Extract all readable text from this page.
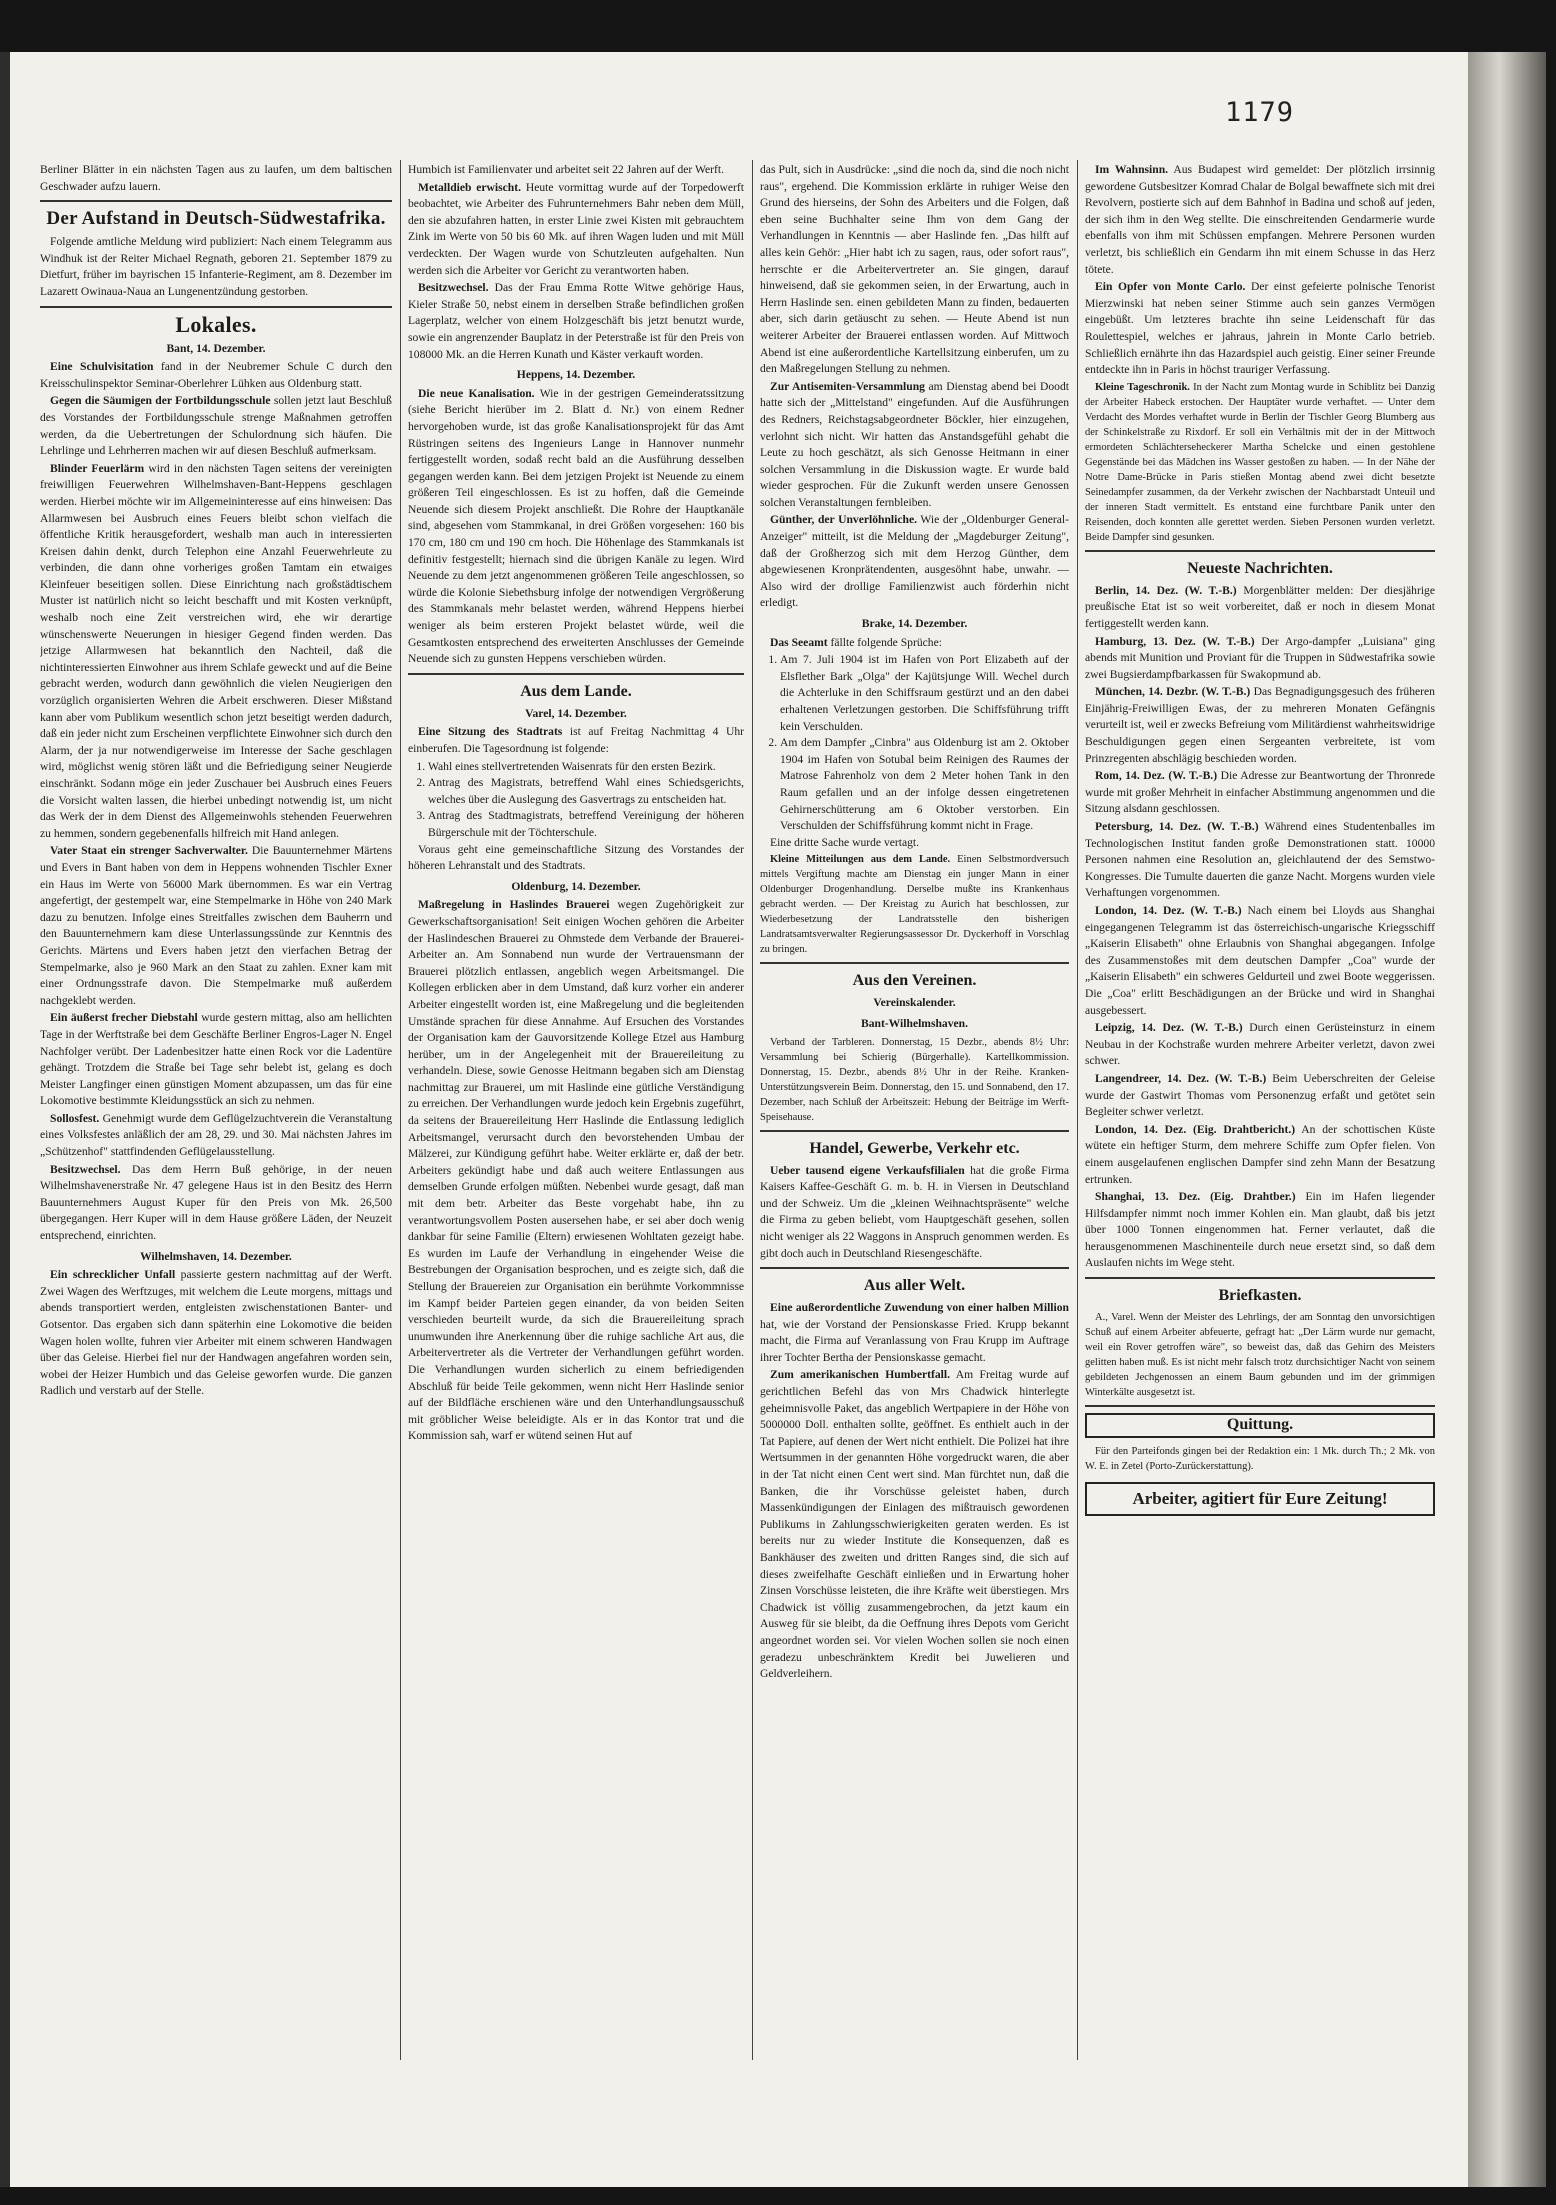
1179

Berliner Blätter in ein nächsten Tagen aus zu laufen, um dem baltischen Geschwader aufzu lauern.

Der Aufstand in Deutsch-Südwestafrika.

Folgende amtliche Meldung wird publiziert: Nach einem Telegramm aus Windhuk ist der Reiter Michael Regnath, geboren 21. September 1879 zu Dietfurt, früher im bayrischen 15 Infanterie-Regiment, am 8. Dezember im Lazarett Owinaua-Naua an Lungenentzündung gestorben.

Lokales.
Bant, 14. Dezember.

Eine Schulvisitation fand in der Neubremer Schule C durch den Kreisschulinspektor Seminar-Oberlehrer Lühken aus Oldenburg statt.

Gegen die Säumigen der Fortbildungsschule sollen jetzt laut Beschluß des Vorstandes der Fortbildungsschule strenge Maßnahmen getroffen werden, da die Uebertretungen der Schulordnung sich häufen. Die Lehrlinge und Lehrherren machen wir auf diesen Beschluß aufmerksam.

Blinder Feuerlärm wird in den nächsten Tagen seitens der vereinigten freiwilligen Feuerwehren Wilhelmshaven-Bant-Heppens geschlagen werden. Hierbei möchte wir im Allgemeininteresse auf eins hinweisen: Das Allarmwesen bei Ausbruch eines Feuers bleibt schon vielfach die öffentliche Kritik herausgefordert, weshalb man auch in interessierten Kreisen dahin denkt, durch Telephon eine Anzahl Feuerwehrleute zu verbinden, die dann ohne vorheriges großen Tamtam ein etwaiges Kleinfeuer beseitigen sollen. Diese Einrichtung nach großstädtischem Muster ist natürlich nicht so leicht beschafft und mit Kosten verknüpft, weshalb noch eine Zeit verstreichen wird, ehe wir derartige wünschenswerte Neuerungen in hiesiger Gegend finden werden. Das jetzige Allarmwesen hat bekanntlich den Nachteil, daß die nichtinteressierten Einwohner aus ihrem Schlafe geweckt und auf die Beine gebracht werden, wodurch dann gewöhnlich die vielen Neugierigen den vorzüglich organisierten Wehren die Arbeit erschweren. Dieser Mißstand kann aber vom Publikum wesentlich schon jetzt beseitigt werden dadurch, daß ein jeder nicht zum Erscheinen verpflichtete Einwohner sich durch den Alarm, der ja nur notwendigerweise im Interesse der Sache geschlagen wird, möglichst wenig stören läßt und die Befriedigung seiner Neugierde einschränkt. Sodann möge ein jeder Zuschauer bei Ausbruch eines Feuers die Vorsicht walten lassen, die hierbei unbedingt notwendig ist, um nicht das Werk der in dem Dienst des Allgemeinwohls stehenden Feuerwehren zu hemmen, sondern gegebenenfalls hilfreich mit Hand anlegen.

Vater Staat ein strenger Sachverwalter. Die Bauunternehmer Märtens und Evers in Bant haben von dem in Heppens wohnenden Tischler Exner ein Haus im Werte von 56000 Mark übernommen. Es war ein Vertrag angefertigt, der gestempelt war, eine Stempelmarke in Höhe von 240 Mark dazu zu benutzen. Infolge eines Streitfalles zwischen dem Bauherrn und den Bauunternehmern kam diese Unterlassungssünde zur Kenntnis des Gerichts. Märtens und Evers haben jetzt den vierfachen Betrag der Stempelmarke, also je 960 Mark an den Staat zu zahlen. Exner kam mit einer Ordnungsstrafe davon. Die Stempelmarke muß außerdem nachgeklebt werden.

Ein äußerst frecher Diebstahl wurde gestern mittag, also am hellichten Tage in der Werftstraße bei dem Geschäfte Berliner Engros-Lager N. Engel Nachfolger verübt. Der Ladenbesitzer hatte einen Rock vor die Ladentüre gehängt. Trotzdem die Straße bei Tage sehr belebt ist, gelang es doch Meister Langfinger einen günstigen Moment abzupassen, um das für eine Lokomotive bestimmte Kleidungsstück an sich zu nehmen.

Sollosfest. Genehmigt wurde dem Geflügelzuchtverein die Veranstaltung eines Volksfestes anläßlich der am 28, 29. und 30. Mai nächsten Jahres im „Schützenhof" stattfindenden Geflügelausstellung.

Besitzwechsel. Das dem Herrn Buß gehörige, in der neuen Wilhelmshavenerstraße Nr. 47 gelegene Haus ist in den Besitz des Herrn Bauunternehmers August Kuper für den Preis von Mk. 26,500 übergegangen. Herr Kuper will in dem Hause größere Läden, der Neuzeit entsprechend, einrichten.

Wilhelmshaven, 14. Dezember.

Ein schrecklicher Unfall passierte gestern nachmittag auf der Werft. Zwei Wagen des Werftzuges, mit welchem die Leute morgens, mittags und abends transportiert werden, entgleisten zwischenstationen Banter- und Gotsentor. Das ergaben sich dann späterhin eine Lokomotive die beiden Wagen holen wollte, fuhren vier Arbeiter mit einem schweren Handwagen über das Geleise. Hierbei fiel nur der Handwagen angefahren worden sein, wobei der Heizer Humbich und das Geleise geworfen wurde. Die ganzen Radlich und verstarb auf der Stelle.

Humbich ist Familienvater und arbeitet seit 22 Jahren auf der Werft.

Metalldieb erwischt. Heute vormittag wurde auf der Torpedowerft beobachtet, wie Arbeiter des Fuhrunternehmers Bahr neben dem Müll, den sie abzufahren hatten, in erster Linie zwei Kisten mit gebrauchtem Zink im Werte von 50 bis 60 Mk. auf ihren Wagen luden und mit Müll verdeckten. Der Wagen wurde von Schutzleuten aufgehalten. Nun werden sich die Arbeiter vor Gericht zu verantworten haben.

Besitzwechsel. Das der Frau Emma Rotte Witwe gehörige Haus, Kieler Straße 50, nebst einem in derselben Straße befindlichen großen Lagerplatz, welcher von einem Holzgeschäft bis jetzt benutzt wurde, sowie ein angrenzender Bauplatz in der Peterstraße ist für den Preis von 108000 Mk. an die Herren Kunath und Käster verkauft worden.

Heppens, 14. Dezember.

Die neue Kanalisation. Wie in der gestrigen Gemeinderatssitzung (siehe Bericht hierüber im 2. Blatt d. Nr.) von einem Redner hervorgehoben wurde, ist das große Kanalisationsprojekt für das Amt Rüstringen seitens des Ingenieurs Lange in Hannover nunmehr fertiggestellt worden, sodaß recht bald an die Ausführung desselben gegangen werden kann. Bei dem jetzigen Projekt ist Neuende zu einem größeren Teil eingeschlossen. Es ist zu hoffen, daß die Gemeinde Neuende sich diesem Projekt anschließt. Die Rohre der Hauptkanäle sind, abgesehen vom Stammkanal, in drei Größen vorgesehen: 160 bis 170 cm, 180 cm und 190 cm hoch. Die Höhenlage des Stammkanals ist definitiv festgestellt; hiernach sind die übrigen Kanäle zu legen. Wird Neuende zu dem jetzt angenommenen größeren Teile angeschlossen, so würde die Kolonie Siebethsburg infolge der notwendigen Vergrößerung des Stammkanals mehr belastet werden, während Heppens hierbei weniger als beim ersteren Projekt belastet würde, weil die Gesamtkosten entsprechend des erweiterten Anschlusses der Gemeinde Neuende sich zu gunsten Heppens verschieben würden.

Aus dem Lande.
Varel, 14. Dezember.

Eine Sitzung des Stadtrats ist auf Freitag Nachmittag 4 Uhr einberufen. Die Tagesordnung ist folgende:

1. Wahl eines stellvertretenden Waisenrats für den ersten Bezirk.
2. Antrag des Magistrats, betreffend Wahl eines Schiedsgerichts, welches über die Auslegung des Gasvertrags zu entscheiden hat.
3. Antrag des Stadtmagistrats, betreffend Vereinigung der höheren Bürgerschule mit der Töchterschule.

Voraus geht eine gemeinschaftliche Sitzung des Vorstandes der höheren Lehranstalt und des Stadtrats.

Oldenburg, 14. Dezember.

Maßregelung in Haslindes Brauerei wegen Zugehörigkeit zur Gewerkschaftsorganisation! Seit einigen Wochen gehören die Arbeiter der Haslindeschen Brauerei zu Ohmstede dem Verbande der Brauerei-Arbeiter an. Am Sonnabend nun wurde der Vertrauensmann der Brauerei plötzlich entlassen, angeblich wegen Arbeitsmangel. Die Kollegen erblicken aber in dem Umstand, daß kurz vorher ein anderer Arbeiter eingestellt worden ist, eine Maßregelung und die begleitenden Umstände sprachen für diese Annahme. Auf Ersuchen des Vorstandes der Organisation kam der Gauvorsitzende Kollege Etzel aus Hamburg herüber, um in der Angelegenheit mit der Brauereileitung zu verhandeln. Diese, sowie Genosse Heitmann begaben sich am Dienstag nachmittag zur Brauerei, um mit Haslinde eine gütliche Verständigung zu erreichen. Der Verhandlungen wurde jedoch kein Ergebnis zugeführt, da seitens der Brauereileitung Herr Haslinde die Entlassung lediglich Arbeitsmangel, verursacht durch den bevorstehenden Umbau der Mälzerei, zur Kündigung geführt habe. Weiter erklärte er, daß der betr. Arbeiters gekündigt habe und daß auch weitere Entlassungen aus demselben Grunde erfolgen müßten. Nebenbei wurde gesagt, daß man mit dem betr. Arbeiter das Beste vorgehabt habe, ihn zu verantwortungsvollem Posten ausersehen habe, er sei aber doch wenig dankbar für seine Familie (Eltern) erwiesenen Wohltaten gezeigt habe. Es wurden im Laufe der Verhandlung in eingehender Weise die Bestrebungen der Organisation besprochen, und es zeigte sich, daß die Stellung der Brauereien zur Organisation ein berühmte Vorkommnisse im Kampf beider Parteien gegen einander, da von beiden Seiten verschieden beurteilt wurde, da sich die Brauereileitung sprach unumwunden ihre Anerkennung über die ruhige sachliche Art aus, die Arbeitervertreter als die Vertreter der Verhandlungen geführt worden. Die Verhandlungen wurden sicherlich zu einem befriedigenden Abschluß für beide Teile gekommen, wenn nicht Herr Haslinde senior auf der Bildfläche erschienen wäre und den Unterhandlungsausschuß mit gröblicher Weise beleidigte. Als er in das Kontor trat und die Kommission sah, warf er wütend seinen Hut auf

das Pult, sich in Ausdrücke: „sind die noch da, sind die noch nicht raus", ergehend. Die Kommission erklärte in ruhiger Weise den Grund des hierseins, der Sohn des Arbeiters und die Folgen, daß eben seine Buchhalter seine Ihm von dem Gang der Verhandlungen in Kenntnis — aber Haslinde fen. „Das hilft auf alles kein Gehör: „Hier habt ich zu sagen, raus, oder sofort raus", herrschte er die Arbeitervertreter an. Sie gingen, darauf hinweisend, daß sie gekommen seien, in der Erwartung, auch in Herrn Haslinde sen. einen gebildeten Mann zu finden, bedauerten aber, sich darin getäuscht zu sehen. — Heute Abend ist nun weiterer Arbeiter der Brauerei entlassen worden. Auf Mittwoch Abend ist eine außerordentliche Kartellsitzung einberufen, um zu den Maßregelungen Stellung zu nehmen.

Zur Antisemiten-Versammlung am Dienstag abend bei Doodt hatte sich der „Mittelstand" eingefunden. Auf die Ausführungen des Redners, Reichstagsabgeordneter Böckler, hier einzugehen, verlohnt sich nicht. Wir hatten das Anstandsgefühl gehabt die Leute zu hoch geschätzt, als sich Genosse Heitmann in einer solchen Versammlung in die Diskussion wagte. Er wurde bald wieder gesprochen. Für die Zukunft werden unsere Genossen solchen Veranstaltungen fernbleiben.

Günther, der Unverlöhnliche. Wie der „Oldenburger General-Anzeiger" mitteilt, ist die Meldung der „Magdeburger Zeitung", daß der Großherzog sich mit dem Herzog Günther, dem abgewiesenen Kronprätendenten, ausgesöhnt habe, unwahr. — Also wird der drollige Familienzwist auch förderhin nicht erledigt.

Brake, 14. Dezember.

Das Seeamt fällte folgende Sprüche:

1. Am 7. Juli 1904 ist im Hafen von Port Elizabeth auf der Elsflether Bark „Olga" der Kajütsjunge Will. Wechel durch die Achterluke in den Schiffsraum gestürzt und an den dabei erhaltenen Verletzungen gestorben. Die Schiffsführung trifft kein Verschulden.
2. Am dem Dampfer „Cinbra" aus Oldenburg ist am 2. Oktober 1904 im Hafen von Sotubal beim Reinigen des Raumes der Matrose Fahrenholz von dem 2 Meter hohen Tank in den Raum gefallen und an der infolge dessen eingetretenen Gehirnerschütterung am 6 Oktober verstorben. Ein Verschulden der Schiffsführung kommt nicht in Frage.

Eine dritte Sache wurde vertagt.

Kleine Mitteilungen aus dem Lande. Einen Selbstmordversuch mittels Vergiftung machte am Dienstag ein junger Mann in einer Oldenburger Drogenhandlung. Derselbe mußte ins Krankenhaus gebracht werden. — Der Kreistag zu Aurich hat beschlossen, zur Wiederbesetzung der Landratsstelle den bisherigen Landratsamtsverwalter Regierungsassessor Dr. Dyckerhoff in Vorschlag zu bringen.

Aus den Vereinen.
Vereinskalender.
Bant-Wilhelmshaven.

Verband der Tarbleren. Donnerstag, 15 Dezbr., abends 8½ Uhr: Versammlung bei Schierig (Bürgerhalle). Kartellkommission. Donnerstag, 15. Dezbr., abends 8½ Uhr in der Reihe. Kranken-Unterstützungsverein Beim. Donnerstag, den 15. und Sonnabend, den 17. Dezember, nach Schluß der Arbeitszeit: Hebung der Beiträge im Werft-Speisehause.

Handel, Gewerbe, Verkehr etc.

Ueber tausend eigene Verkaufsfilialen hat die große Firma Kaisers Kaffee-Geschäft G. m. b. H. in Viersen in Deutschland und der Schweiz. Um die „kleinen Weihnachtspräsente" welche die Firma zu geben beliebt, vom Hauptgeschäft gesehen, sollen nicht weniger als 22 Waggons in Anspruch genommen werden. Es gibt doch auch in Deutschland Riesengeschäfte.

Aus aller Welt.

Eine außerordentliche Zuwendung von einer halben Million hat, wie der Vorstand der Pensionskasse Fried. Krupp bekannt macht, die Firma auf Veranlassung von Frau Krupp im Auftrage ihrer Tochter Bertha der Pensionskasse gemacht.

Zum amerikanischen Humbertfall. Am Freitag wurde auf gerichtlichen Befehl das von Mrs Chadwick hinterlegte geheimnisvolle Paket, das angeblich Wertpapiere in der Höhe von 5000000 Doll. enthalten sollte, geöffnet. Es enthielt auch in der Tat Papiere, auf denen der Wert nicht enthielt. Die Polizei hat ihre Wertsummen in der genannten Höhe vorgedruckt waren, die aber in der Tat nicht einen Cent wert sind. Man fürchtet nun, daß die Banken, die ihr Vorschüsse geleistet haben, durch Massenkündigungen der Einlagen des mißtrauisch gewordenen Publikums in Zahlungsschwierigkeiten geraten werden. Es ist bereits nur zu wieder Institute die Konsequenzen, daß es Bankhäuser des zweiten und dritten Ranges sind, die sich auf dieses zweifelhafte Geschäft einließen und in Erwartung hoher Zinsen Vorschüsse leisteten, die ihre Kräfte weit überstiegen. Mrs Chadwick ist völlig zusammengebrochen, da jetzt kaum ein Ausweg für sie bleibt, da die Oeffnung ihres Depots vom Gericht angeordnet worden sei. Vor vielen Wochen sollen sie noch einen geradezu unbeschränktem Kredit bei Juwelieren und Geldverleihern.

Im Wahnsinn. Aus Budapest wird gemeldet: Der plötzlich irrsinnig gewordene Gutsbesitzer Komrad Chalar de Bolgal bewaffnete sich mit drei Revolvern, postierte sich auf dem Bahnhof in Badina und schoß auf jeden, der sich ihm in den Weg stellte. Die einschreitenden Gendarmerie wurde ebenfalls von ihm mit Schüssen empfangen. Mehrere Personen wurden verletzt, bis schließlich ein Gendarm ihn mit einem Schusse in das Herz tötete.

Ein Opfer von Monte Carlo. Der einst gefeierte polnische Tenorist Mierzwinski hat neben seiner Stimme auch sein ganzes Vermögen eingebüßt. Um letzteres brachte ihn seine Leidenschaft für das Roulettespiel, welches er jahraus, jahrein in Monte Carlo betrieb. Schließlich ernährte ihn das Hazardspiel auch geistig. Einer seiner Freunde entdeckte ihn in Paris in höchst trauriger Verfassung.

Kleine Tageschronik. In der Nacht zum Montag wurde in Schiblitz bei Danzig der Arbeiter Habeck erstochen. Der Hauptäter wurde verhaftet. — Unter dem Verdacht des Mordes verhaftet wurde in Berlin der Tischler Georg Blumberg aus der Schinkelstraße zu Rixdorf. Er soll ein Verhältnis mit der in der Mittwoch ermordeten Schlächterseheckerer Martha Schelcke und einen gestohlene Gegenstände bei das Mädchen ins Wasser gestoßen zu haben. — In der Nähe der Notre Dame-Brücke in Paris stießen Montag abend zwei dicht besetzte Seinedampfer zusammen, da der Verkehr zwischen der Nachbarstadt Unteuil und der inneren Stadt vermittelt. Es entstand eine furchtbare Panik unter den Reisenden, doch konnten alle gerettet werden. Sieben Personen wurden verletzt. Beide Dampfer sind gesunken.

Neueste Nachrichten.

Berlin, 14. Dez. (W. T.-B.) Morgenblätter melden: Der diesjährige preußische Etat ist so weit vorbereitet, daß er noch in diesem Monat fertiggestellt werden kann.

Hamburg, 13. Dez. (W. T.-B.) Der Argo-dampfer „Luisiana" ging abends mit Munition und Proviant für die Truppen in Südwestafrika sowie zwei Bugsierdampfbarkassen für Swakopmund ab.

München, 14. Dezbr. (W. T.-B.) Das Begnadigungsgesuch des früheren Einjährig-Freiwilligen Ewas, der zu mehreren Monaten Gefängnis verurteilt ist, weil er zwecks Befreiung vom Militärdienst wahrheitswidrige Beschuldigungen gegen einen Sergeanten verbreitete, ist vom Prinzregenten abschlägig beschieden worden.

Rom, 14. Dez. (W. T.-B.) Die Adresse zur Beantwortung der Thronrede wurde mit großer Mehrheit in einfacher Abstimmung angenommen und die Sitzung alsdann geschlossen.

Petersburg, 14. Dez. (W. T.-B.) Während eines Studentenballes im Technologischen Institut fanden große Demonstrationen statt. 10000 Personen nahmen eine Resolution an, gleichlautend der des Semstwo-Kongresses. Die Tumulte dauerten die ganze Nacht. Morgens wurden viele Verhaftungen vorgenommen.

London, 14. Dez. (W. T.-B.) Nach einem bei Lloyds aus Shanghai eingegangenen Telegramm ist das österreichisch-ungarische Kriegsschiff „Kaiserin Elisabeth" ohne Erlaubnis von Shanghai abgegangen. Infolge des Zusammenstoßes mit dem deutschen Dampfer „Coa" wurde der „Kaiserin Elisabeth" ein schweres Geldurteil und zwei Boote weggerissen. Die „Coa" erlitt Beschädigungen an der Brücke und wird in Shanghai ausgebessert.

Leipzig, 14. Dez. (W. T.-B.) Durch einen Gerüsteinsturz in einem Neubau in der Kochstraße wurden mehrere Arbeiter verletzt, davon zwei schwer.

Langendreer, 14. Dez. (W. T.-B.) Beim Ueberschreiten der Geleise wurde der Gastwirt Thomas vom Personenzug erfaßt und getötet sein Begleiter schwer verletzt.

London, 14. Dez. (Eig. Drahtbericht.) An der schottischen Küste wütete ein heftiger Sturm, dem mehrere Schiffe zum Opfer fielen. Von einem ausgelaufenen englischen Dampfer sind zehn Mann der Besatzung ertrunken.

Shanghai, 13. Dez. (Eig. Drahtber.) Ein im Hafen liegender Hilfsdampfer nimmt noch immer Kohlen ein. Man glaubt, daß bis jetzt über 1000 Tonnen eingenommen hat. Ferner verlautet, daß die herausgenommenen Maschinenteile durch neue ersetzt sind, so daß dem Auslaufen nichts im Wege steht.

Briefkasten.

A., Varel. Wenn der Meister des Lehrlings, der am Sonntag den unvorsichtigen Schuß auf einem Arbeiter abfeuerte, gefragt hat: „Der Lärm wurde nur gemacht, weil ein Rover getroffen wäre", so beweist das, daß das Gehirn des Meisters gelitten haben muß. Es ist nicht mehr falsch trotz durchsichtiger Nacht von seinem gebildeten Jechgenossen an einem Baum gebunden und im der grimmigen Winterkälte ausgesetzt ist.

Quittung.

Für den Parteifonds gingen bei der Redaktion ein: 1 Mk. durch Th.; 2 Mk. von W. E. in Zetel (Porto-Zurückerstattung).

Arbeiter, agitiert für Eure Zeitung!
